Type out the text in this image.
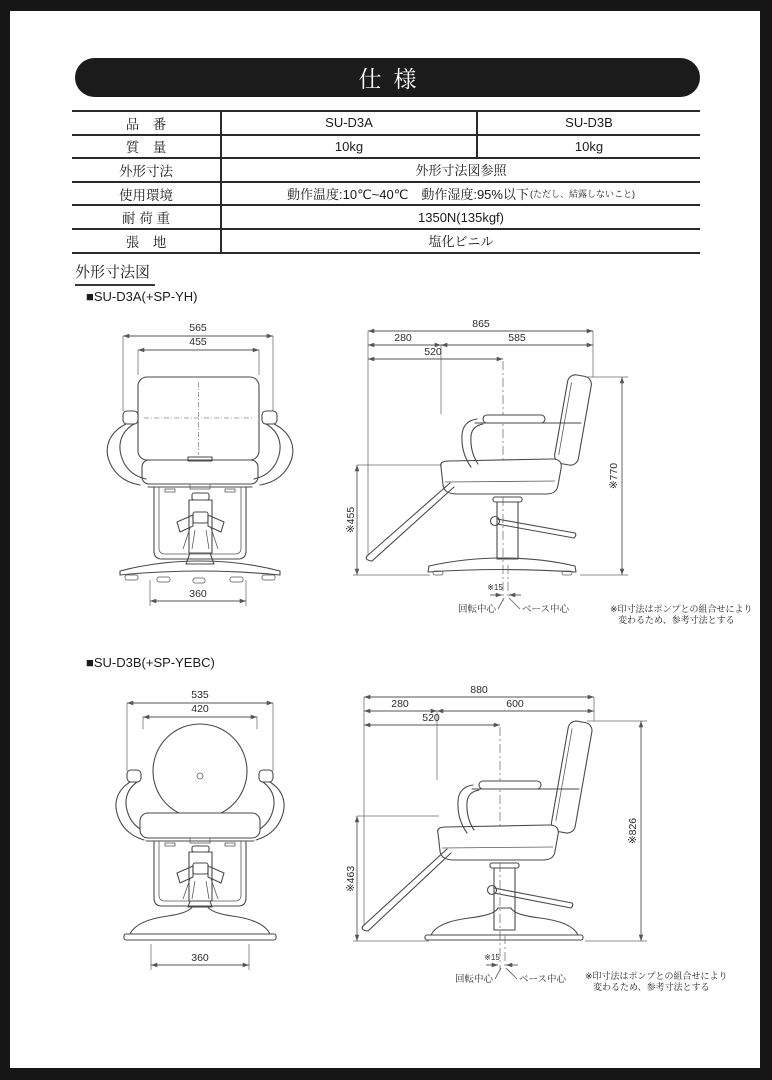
仕様
品　番	SU-D3A	SU-D3B
質　量	10kg	10kg
外形寸法	外形寸法図参照
使用環境	動作温度:10℃~40℃　動作湿度:95%以下 (ただし、結露しないこと)
耐 荷 重	1350N(135kgf)
張　地	塩化ビニル
外形寸法図
■SU-D3A(+SP-YH)
565
455
360
865
280	585
520
※770
※455
※15
回転中心	ベース中心	※印寸法はポンプとの組合せにより
変わるため、参考寸法とする
■SU-D3B(+SP-YEBC)
535
420
360
880
280	600
520
※826
※463
※15
回転中心	ベース中心 ※印寸法はポンプとの組合せにより
変わるため、参考寸法とする
